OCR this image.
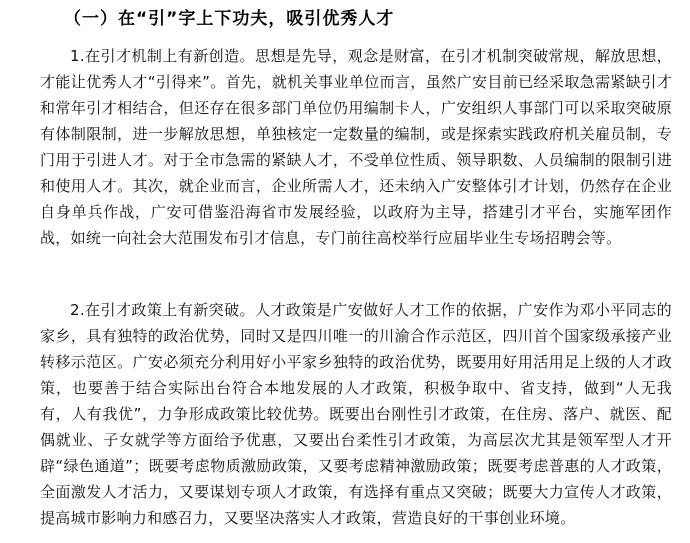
（一）在“引”字上下功夫，吸引优秀人才

1.在引才机制上有新创造。思想是先导，观念是财富，在引才机制突破常规，解放思想，才能让优秀人才“引得来”。首先，就机关事业单位而言，虽然广安目前已经采取急需紧缺引才和常年引才相结合，但还存在很多部门单位仍用编制卡人，广安组织人事部门可以采取突破原有体制限制，进一步解放思想，单独核定一定数量的编制，或是探索实践政府机关雇员制，专门用于引进人才。对于全市急需的紧缺人才，不受单位性质、领导职数、人员编制的限制引进和使用人才。其次，就企业而言，企业所需人才，还未纳入广安整体引才计划，仍然存在企业自身单兵作战，广安可借鉴沿海省市发展经验，以政府为主导，搭建引才平台，实施军团作战，如统一向社会大范围发布引才信息，专门前往高校举行应届毕业生专场招聘会等。

2.在引才政策上有新突破。人才政策是广安做好人才工作的依据，广安作为邓小平同志的家乡，具有独特的政治优势，同时又是四川唯一的川渝合作示范区，四川首个国家级承接产业转移示范区。广安必须充分利用好小平家乡独特的政治优势，既要用好用活用足上级的人才政策，也要善于结合实际出台符合本地发展的人才政策，积极争取中、省支持，做到“人无我有，人有我优”，力争形成政策比较优势。既要出台刚性引才政策，在住房、落户、就医、配偶就业、子女就学等方面给予优惠，又要出台柔性引才政策，为高层次尤其是领军型人才开辟“绿色通道”；既要考虑物质激励政策，又要考虑精神激励政策；既要考虑普惠的人才政策，全面激发人才活力，又要谋划专项人才政策，有选择有重点又突破；既要大力宣传人才政策，提高城市影响力和感召力，又要坚决落实人才政策，营造良好的干事创业环境。
